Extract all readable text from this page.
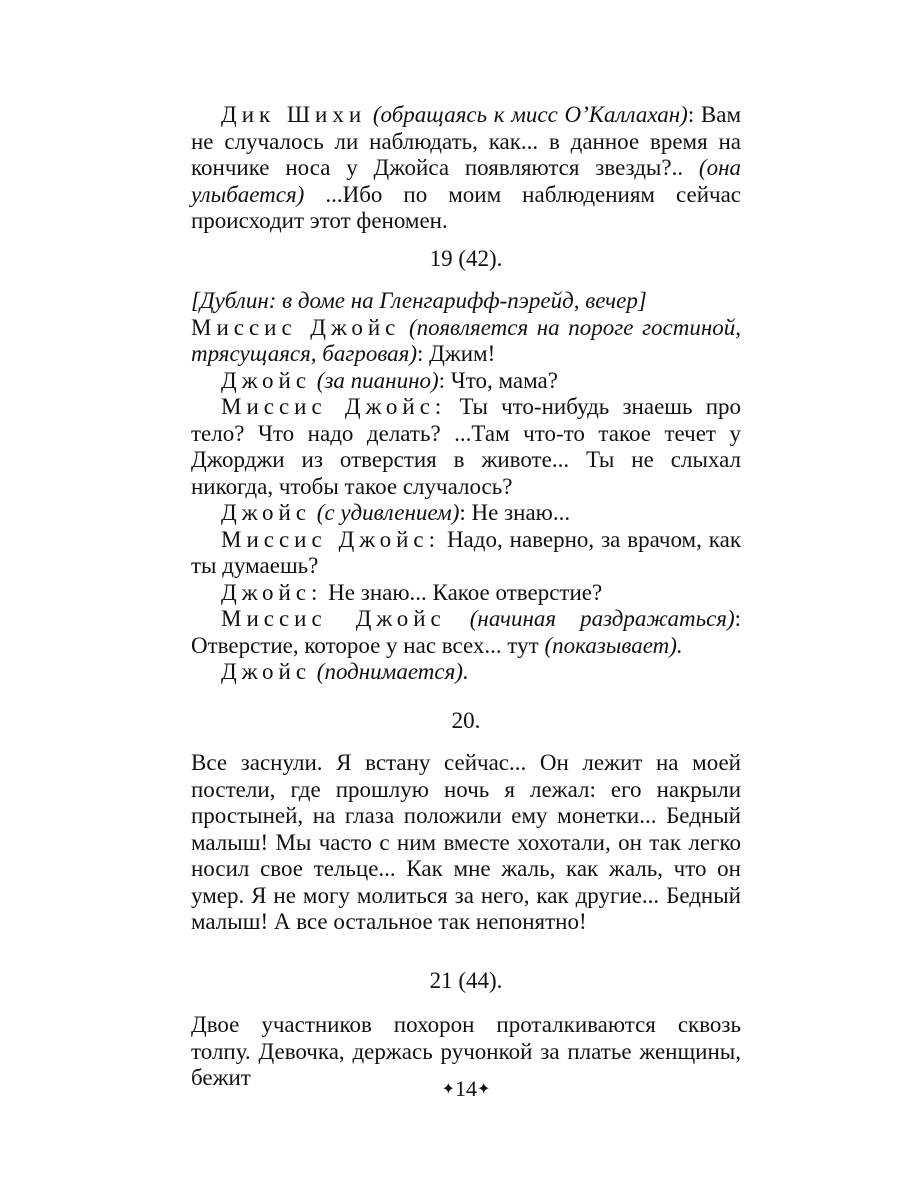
Дик Шихи (обращаясь к мисс О’Каллахан): Вам не случалось ли наблюдать, как... в данное время на кончике носа у Джойса появляются звезды?.. (она улыбается) ...Ибо по моим наблюдениям сейчас происходит этот феномен.

19 (42).

[Дублин: в доме на Гленгарифф-пэрейд, вечер]

Миссис Джойс (появляется на пороге гостиной, трясущаяся, багровая): Джим!

Джойс (за пианино): Что, мама?

Миссис Джойс: Ты что-нибудь знаешь про тело? Что надо делать? ...Там что-то такое течет у Джорджи из отверстия в животе... Ты не слыхал никогда, чтобы такое случалось?

Джойс (с удивлением): Не знаю...

Миссис Джойс: Надо, наверно, за врачом, как ты думаешь?

Джойс: Не знаю... Какое отверстие?

Миссис Джойс (начиная раздражаться): Отверстие, которое у нас всех... тут (показывает).

Джойс (поднимается).

20.

Все заснули. Я встану сейчас... Он лежит на моей постели, где прошлую ночь я лежал: его накрыли простыней, на глаза положили ему монетки... Бедный малыш! Мы часто с ним вместе хохотали, он так легко носил свое тельце... Как мне жаль, как жаль, что он умер. Я не могу молиться за него, как другие... Бедный малыш! А все остальное так непонятно!

21 (44).

Двое участников похорон проталкиваются сквозь толпу. Девочка, держась ручонкой за платье женщины, бежит	✦14✦
